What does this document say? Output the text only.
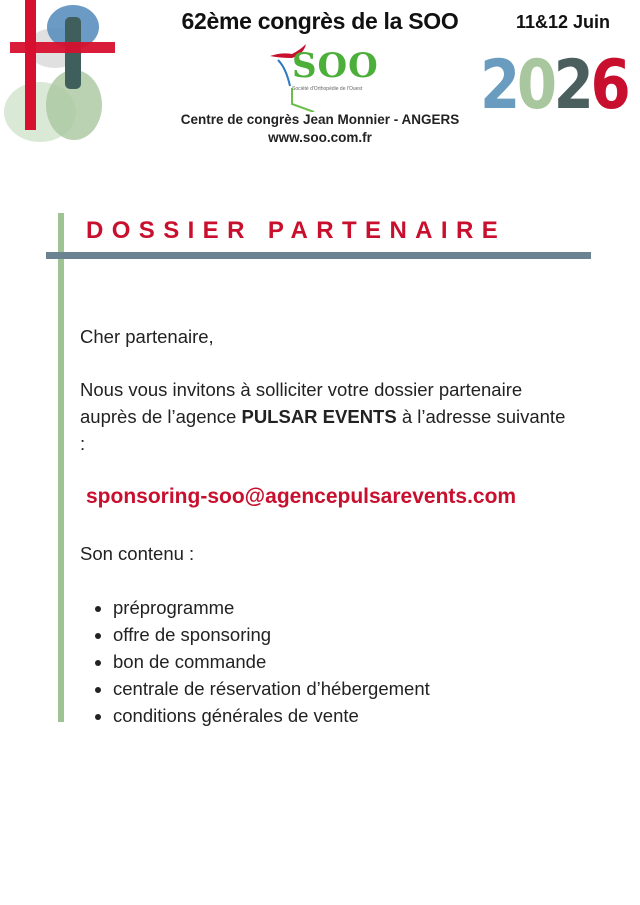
62ème congrès de la SOO	11&12 Juin
2026
SOO
Société d'Orthopédie de l'Ouest
Centre de congrès Jean Monnier - ANGERS
www.soo.com.fr
DOSSIER PARTENAIRE
Cher partenaire,
Nous vous invitons à solliciter votre dossier partenaire auprès de l’agence PULSAR EVENTS à l’adresse suivante :
sponsoring-soo@agencepulsarevents.com
Son contenu :
• préprogramme
• offre de sponsoring
• bon de commande
• centrale de réservation d’hébergement
• conditions générales de vente
